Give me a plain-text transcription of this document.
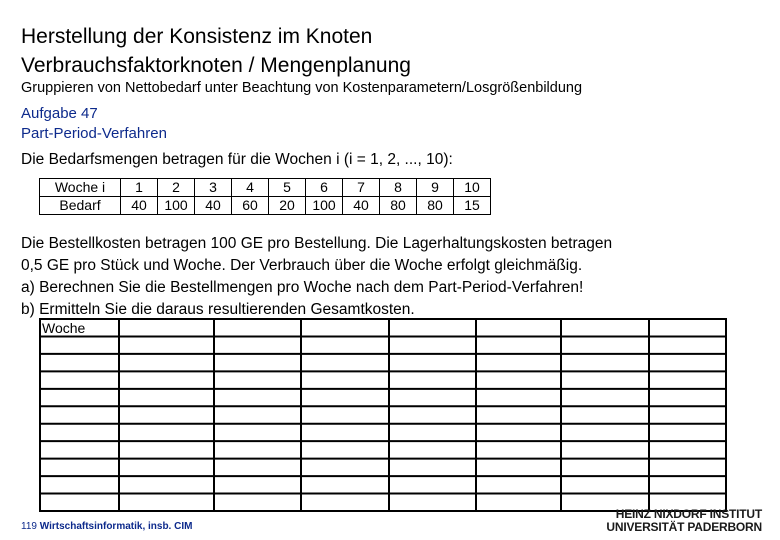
Herstellung der Konsistenz im Knoten
Verbrauchsfaktorknoten / Mengenplanung
Gruppieren von Nettobedarf unter Beachtung von Kostenparametern/Losgrößenbildung
Aufgabe 47
Part-Period-Verfahren
Die Bedarfsmengen betragen für die Wochen i (i = 1, 2, ..., 10):
Woche i	1	2	3	4	5	6	7	8	9	10
Bedarf	40	100	40	60	20	100	40	80	80	15
Die Bestellkosten betragen 100 GE pro Bestellung. Die Lagerhaltungskosten betragen
0,5 GE pro Stück und Woche. Der Verbrauch über die Woche erfolgt gleichmäßig.
a) Berechnen Sie die Bestellmengen pro Woche nach dem Part-Period-Verfahren!
b) Ermitteln Sie die daraus resultierenden Gesamtkosten.
Woche
119 Wirtschaftsinformatik, insb. CIM
HEINZ NIXDORF INSTITUT
UNIVERSITÄT PADERBORN
